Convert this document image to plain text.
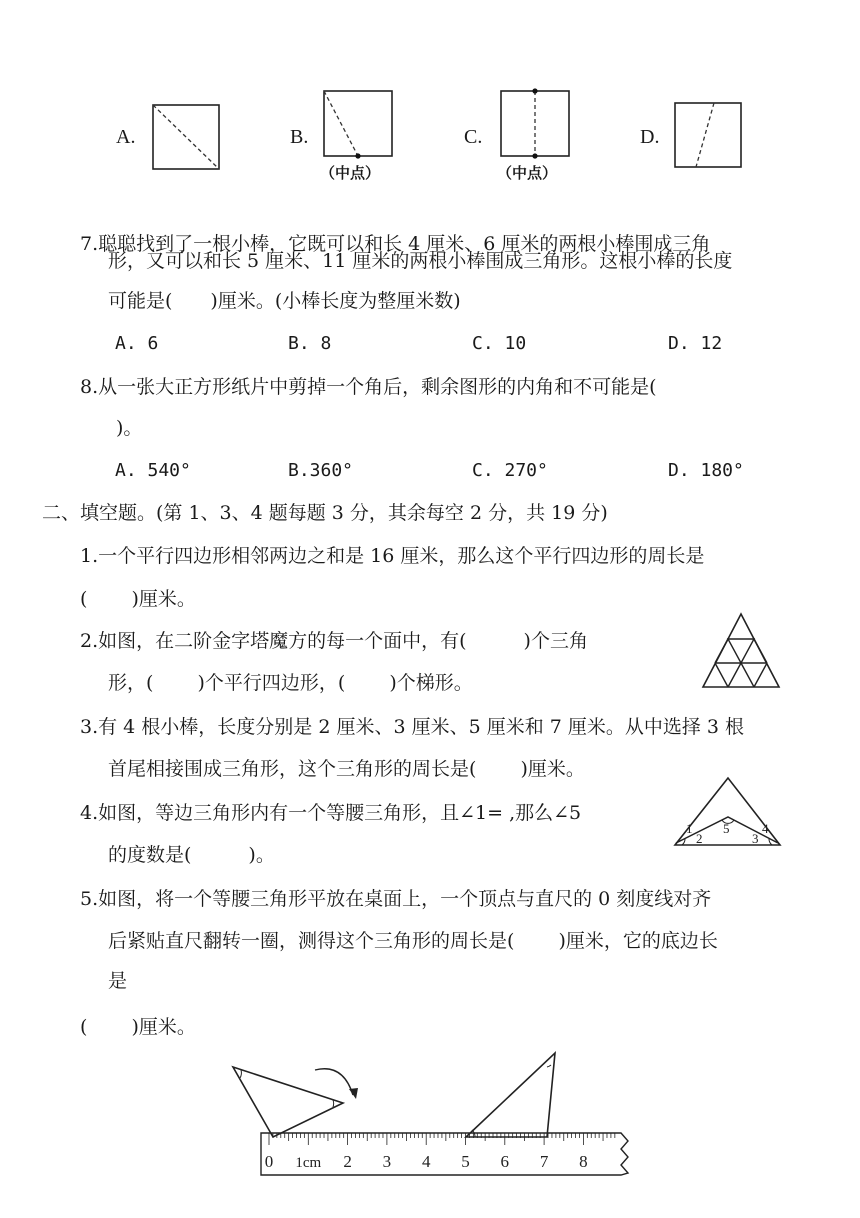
A.	B.
（中点）
C.
（中点）
D.
7.聪聪找到了一根小棒，它既可以和长 4 厘米、6 厘米的两根小棒围成三角
形，又可以和长 5 厘米、11 厘米的两根小棒围成三角形。这根小棒的长度
可能是(　　)厘米。(小棒长度为整厘米数)
A. 6	B. 8	C. 10	D. 12
8.从一张大正方形纸片中剪掉一个角后，剩余图形的内角和不可能是(
)。
A. 540°	B.360°	C. 270°	D. 180°
二、填空题。(第 1、3、4 题每题 3 分，其余每空 2 分，共 19 分)
1.一个平行四边形相邻两边之和是 16 厘米，那么这个平行四边形的周长是
(　　 )厘米。
2.如图，在二阶金字塔魔方的每一个面中，有(　　　)个三角
形，(　　 )个平行四边形，(　　 )个梯形。
3.有 4 根小棒，长度分别是 2 厘米、3 厘米、5 厘米和 7 厘米。从中选择 3 根
首尾相接围成三角形，这个三角形的周长是(　　 )厘米。
4.如图，等边三角形内有一个等腰三角形，且∠1= ,那么∠5
的度数是(　　　)。
1
2
5
3
4
5.如图，将一个等腰三角形平放在桌面上，一个顶点与直尺的 0 刻度线对齐
后紧贴直尺翻转一圈，测得这个三角形的周长是(　　 )厘米，它的底边长
是
(　　 )厘米。
0 1cm 2 3 4 5 6 7 8
